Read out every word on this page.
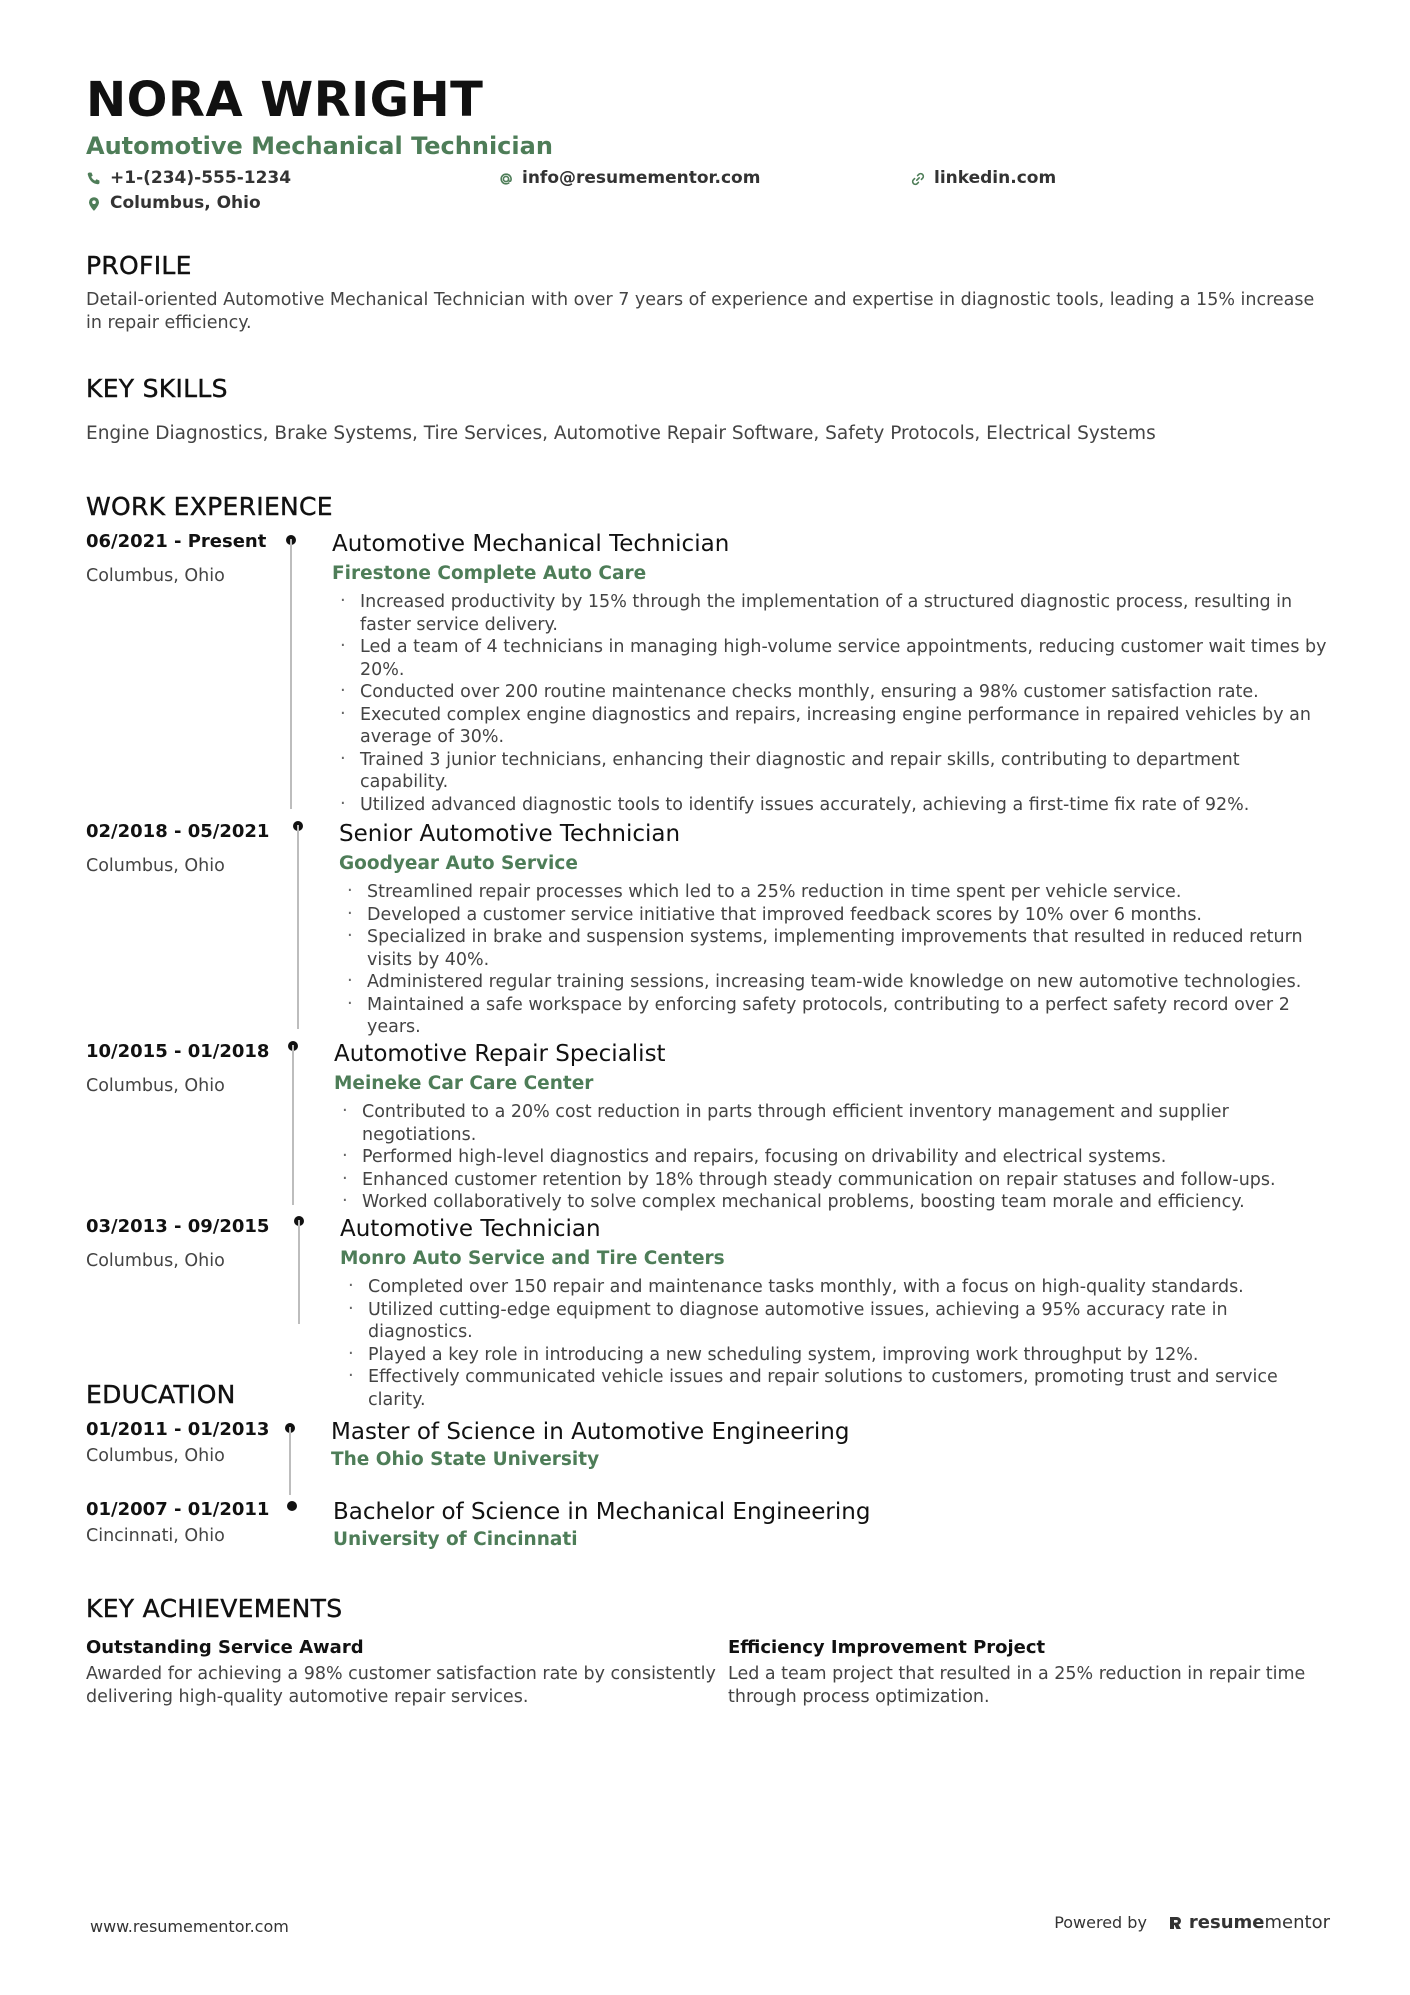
NORA WRIGHT
Automotive Mechanical Technician
+1-(234)-555-1234	info@resumementor.com	linkedin.com
Columbus, Ohio
PROFILE
Detail-oriented Automotive Mechanical Technician with over 7 years of experience and expertise in diagnostic tools, leading a 15% increase in repair efficiency.
KEY SKILLS
Engine Diagnostics, Brake Systems, Tire Services, Automotive Repair Software, Safety Protocols, Electrical Systems
WORK EXPERIENCE
06/2021 - Present
Columbus, Ohio
Automotive Mechanical Technician
Firestone Complete Auto Care
· Increased productivity by 15% through the implementation of a structured diagnostic process, resulting in faster service delivery.
· Led a team of 4 technicians in managing high-volume service appointments, reducing customer wait times by 20%.
· Conducted over 200 routine maintenance checks monthly, ensuring a 98% customer satisfaction rate.
· Executed complex engine diagnostics and repairs, increasing engine performance in repaired vehicles by an average of 30%.
· Trained 3 junior technicians, enhancing their diagnostic and repair skills, contributing to department capability.
· Utilized advanced diagnostic tools to identify issues accurately, achieving a first-time fix rate of 92%.
02/2018 - 05/2021
Columbus, Ohio
Senior Automotive Technician
Goodyear Auto Service
· Streamlined repair processes which led to a 25% reduction in time spent per vehicle service.
· Developed a customer service initiative that improved feedback scores by 10% over 6 months.
· Specialized in brake and suspension systems, implementing improvements that resulted in reduced return visits by 40%.
· Administered regular training sessions, increasing team-wide knowledge on new automotive technologies.
· Maintained a safe workspace by enforcing safety protocols, contributing to a perfect safety record over 2 years.
10/2015 - 01/2018
Columbus, Ohio
Automotive Repair Specialist
Meineke Car Care Center
· Contributed to a 20% cost reduction in parts through efficient inventory management and supplier negotiations.
· Performed high-level diagnostics and repairs, focusing on drivability and electrical systems.
· Enhanced customer retention by 18% through steady communication on repair statuses and follow-ups.
· Worked collaboratively to solve complex mechanical problems, boosting team morale and efficiency.
03/2013 - 09/2015
Columbus, Ohio
Automotive Technician
Monro Auto Service and Tire Centers
· Completed over 150 repair and maintenance tasks monthly, with a focus on high-quality standards.
· Utilized cutting-edge equipment to diagnose automotive issues, achieving a 95% accuracy rate in diagnostics.
· Played a key role in introducing a new scheduling system, improving work throughput by 12%.
· Effectively communicated vehicle issues and repair solutions to customers, promoting trust and service clarity.
EDUCATION
01/2011 - 01/2013
Columbus, Ohio
Master of Science in Automotive Engineering
The Ohio State University
01/2007 - 01/2011
Cincinnati, Ohio
Bachelor of Science in Mechanical Engineering
University of Cincinnati
KEY ACHIEVEMENTS
Outstanding Service Award
Awarded for achieving a 98% customer satisfaction rate by consistently delivering high-quality automotive repair services.
Efficiency Improvement Project
Led a team project that resulted in a 25% reduction in repair time through process optimization.
www.resumementor.com	Powered by resumementor
